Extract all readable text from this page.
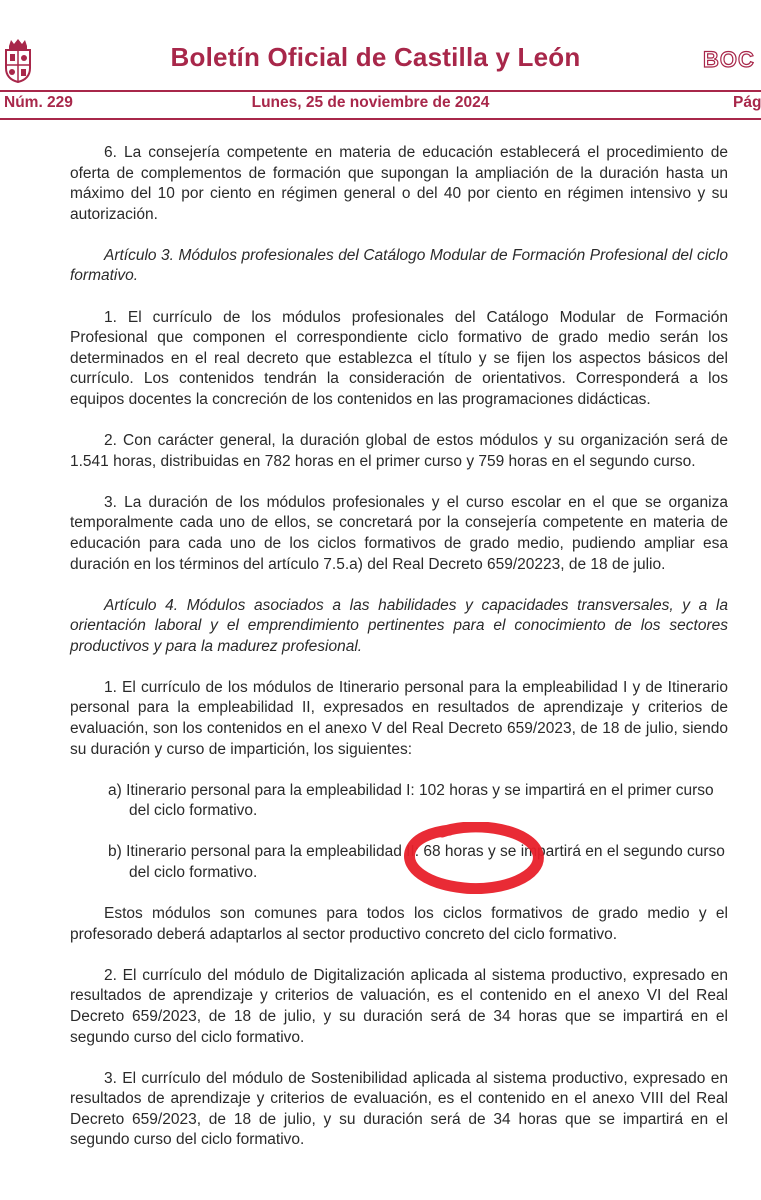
Boletín Oficial de Castilla y León	BOC
Núm. 229	Lunes, 25 de noviembre de 2024	Pág

6. La consejería competente en materia de educación establecerá el procedimiento de oferta de complementos de formación que supongan la ampliación de la duración hasta un máximo del 10 por ciento en régimen general o del 40 por ciento en régimen intensivo y su autorización.

Artículo 3. Módulos profesionales del Catálogo Modular de Formación Profesional del ciclo formativo.

1. El currículo de los módulos profesionales del Catálogo Modular de Formación Profesional que componen el correspondiente ciclo formativo de grado medio serán los determinados en el real decreto que establezca el título y se fijen los aspectos básicos del currículo. Los contenidos tendrán la consideración de orientativos. Corresponderá a los equipos docentes la concreción de los contenidos en las programaciones didácticas.

2. Con carácter general, la duración global de estos módulos y su organización será de 1.541 horas, distribuidas en 782 horas en el primer curso y 759 horas en el segundo curso.

3. La duración de los módulos profesionales y el curso escolar en el que se organiza temporalmente cada uno de ellos, se concretará por la consejería competente en materia de educación para cada uno de los ciclos formativos de grado medio, pudiendo ampliar esa duración en los términos del artículo 7.5.a) del Real Decreto 659/20223, de 18 de julio.

Artículo 4. Módulos asociados a las habilidades y capacidades transversales, y a la orientación laboral y el emprendimiento pertinentes para el conocimiento de los sectores productivos y para la madurez profesional.

1. El currículo de los módulos de Itinerario personal para la empleabilidad I y de Itinerario personal para la empleabilidad II, expresados en resultados de aprendizaje y criterios de evaluación, son los contenidos en el anexo V del Real Decreto 659/2023, de 18 de julio, siendo su duración y curso de impartición, los siguientes:

a) Itinerario personal para la empleabilidad I: 102 horas y se impartirá en el primer curso del ciclo formativo.

b) Itinerario personal para la empleabilidad II: 68 horas y se impartirá en el segundo curso del ciclo formativo.

Estos módulos son comunes para todos los ciclos formativos de grado medio y el profesorado deberá adaptarlos al sector productivo concreto del ciclo formativo.

2. El currículo del módulo de Digitalización aplicada al sistema productivo, expresado en resultados de aprendizaje y criterios de valuación, es el contenido en el anexo VI del Real Decreto 659/2023, de 18 de julio, y su duración será de 34 horas que se impartirá en el segundo curso del ciclo formativo.

3. El currículo del módulo de Sostenibilidad aplicada al sistema productivo, expresado en resultados de aprendizaje y criterios de evaluación, es el contenido en el anexo VIII del Real Decreto 659/2023, de 18 de julio, y su duración será de 34 horas que se impartirá en el segundo curso del ciclo formativo.
